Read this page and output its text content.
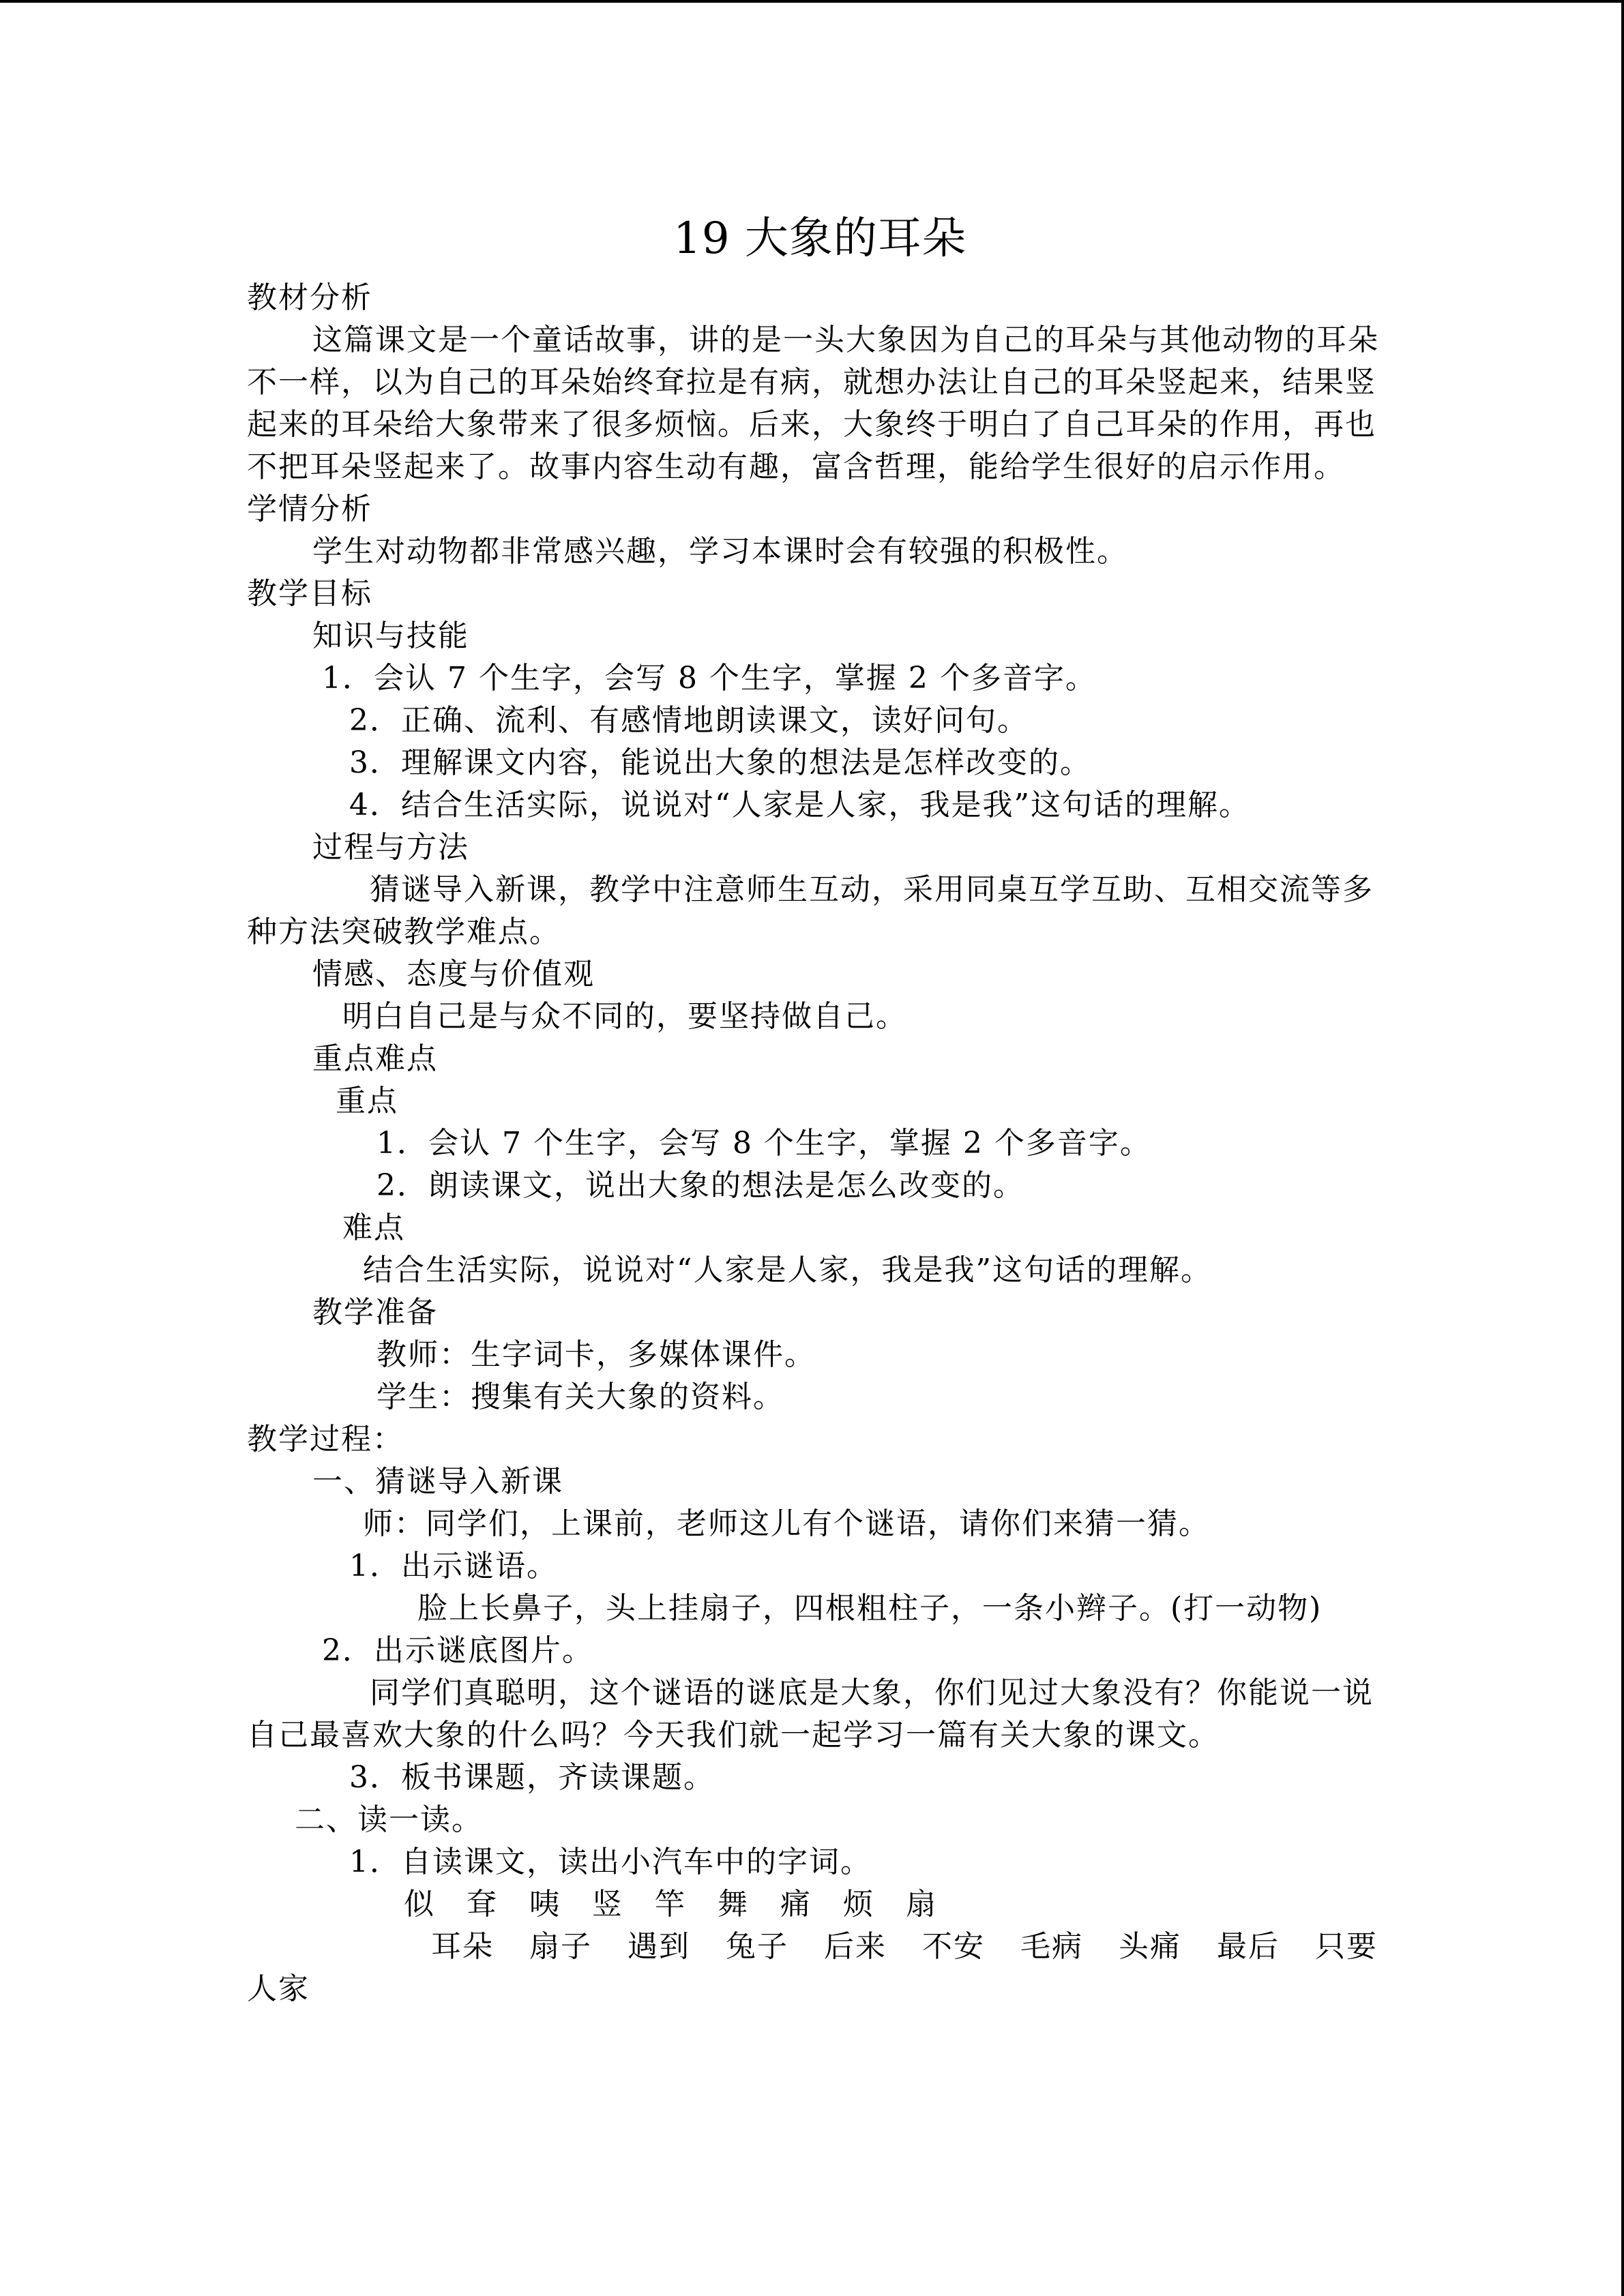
19 大象的耳朵

教材分析

这篇课文是一个童话故事，讲的是一头大象因为自己的耳朵与其他动物的耳朵不一样，以为自己的耳朵始终耷拉是有病，就想办法让自己的耳朵竖起来，结果竖起来的耳朵给大象带来了很多烦恼。后来，大象终于明白了自己耳朵的作用，再也不把耳朵竖起来了。故事内容生动有趣，富含哲理，能给学生很好的启示作用。

学情分析

学生对动物都非常感兴趣，学习本课时会有较强的积极性。

教学目标

知识与技能

1．会认 7 个生字，会写 8 个生字，掌握 2 个多音字。

2．正确、流利、有感情地朗读课文，读好问句。

3．理解课文内容，能说出大象的想法是怎样改变的。

4．结合生活实际，说说对“人家是人家，我是我”这句话的理解。

过程与方法

猜谜导入新课，教学中注意师生互动，采用同桌互学互助、互相交流等多种方法突破教学难点。

情感、态度与价值观

明白自己是与众不同的，要坚持做自己。

重点难点

重点

1．会认 7 个生字，会写 8 个生字，掌握 2 个多音字。

2．朗读课文，说出大象的想法是怎么改变的。

难点

结合生活实际，说说对“人家是人家，我是我”这句话的理解。

教学准备

教师：生字词卡，多媒体课件。

学生：搜集有关大象的资料。

教学过程：

一、猜谜导入新课

师：同学们，上课前，老师这儿有个谜语，请你们来猜一猜。

1．出示谜语。

脸上长鼻子，头上挂扇子，四根粗柱子，一条小辫子。(打一动物)

2．出示谜底图片。

同学们真聪明，这个谜语的谜底是大象，你们见过大象没有？你能说一说自己最喜欢大象的什么吗？今天我们就一起学习一篇有关大象的课文。

3．板书课题，齐读课题。

二、读一读。

1．自读课文，读出小汽车中的字词。

似 耷 咦 竖 竿 舞 痛 烦 扇
耳朵 扇子 遇到 兔子 后来 不安 毛病 头痛 最后 只要
人家
